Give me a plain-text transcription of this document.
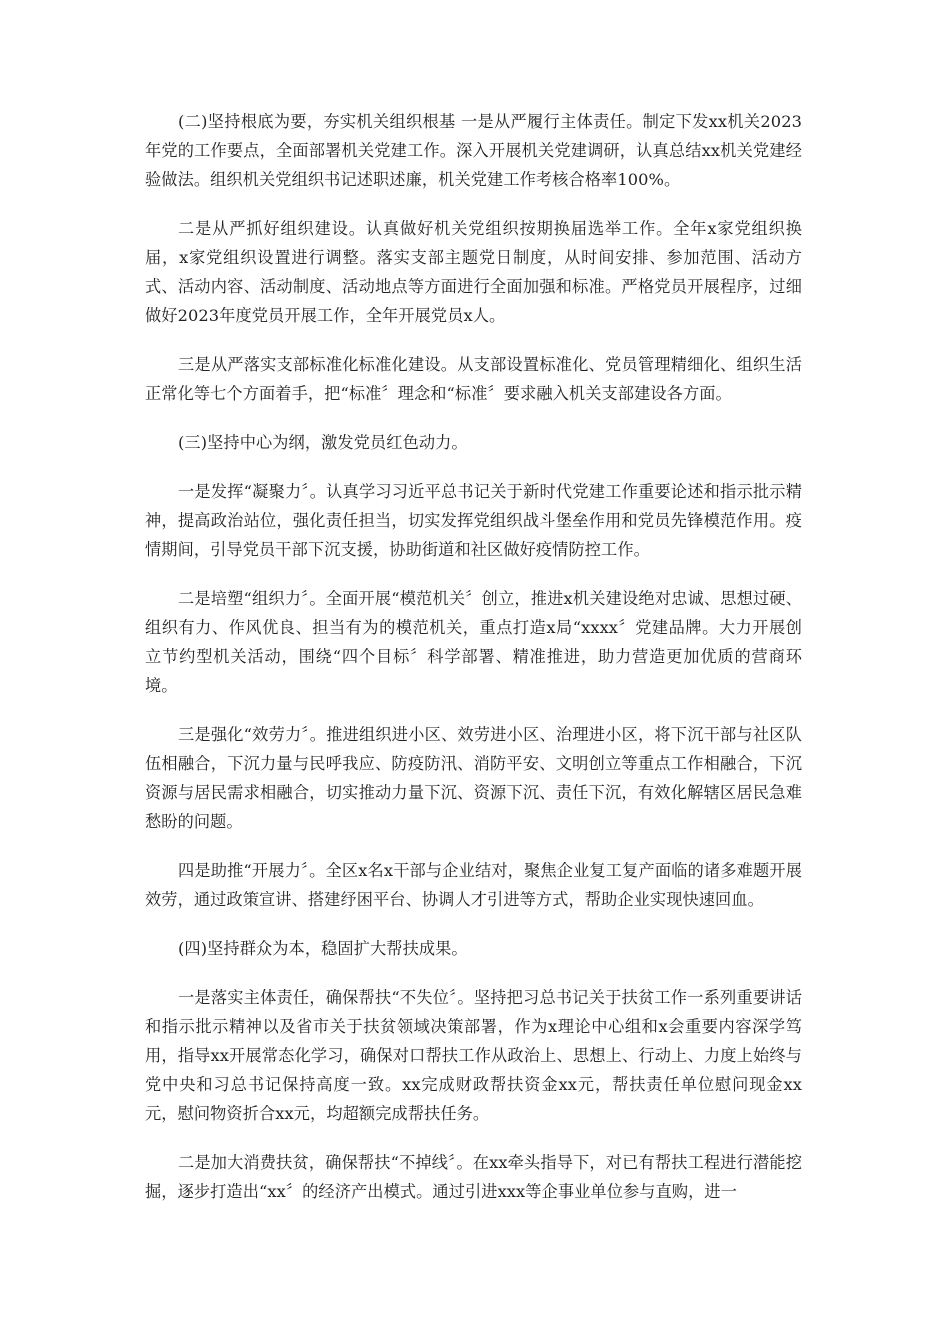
(二)坚持根底为要，夯实机关组织根基 一是从严履行主体责任。制定下发xx机关2023年党的工作要点，全面部署机关党建工作。深入开展机关党建调研，认真总结xx机关党建经验做法。组织机关党组织书记述职述廉，机关党建工作考核合格率100%。

二是从严抓好组织建设。认真做好机关党组织按期换届选举工作。全年x家党组织换届，x家党组织设置进行调整。落实支部主题党日制度，从时间安排、参加范围、活动方式、活动内容、活动制度、活动地点等方面进行全面加强和标准。严格党员开展程序，过细做好2023年度党员开展工作，全年开展党员x人。

三是从严落实支部标准化标准化建设。从支部设置标准化、党员管理精细化、组织生活正常化等七个方面着手，把“标准〞理念和“标准〞要求融入机关支部建设各方面。

(三)坚持中心为纲，激发党员红色动力。

一是发挥“凝聚力〞。认真学习习近平总书记关于新时代党建工作重要论述和指示批示精神，提高政治站位，强化责任担当，切实发挥党组织战斗堡垒作用和党员先锋模范作用。疫情期间，引导党员干部下沉支援，协助街道和社区做好疫情防控工作。

二是培塑“组织力〞。全面开展“模范机关〞创立，推进x机关建设绝对忠诚、思想过硬、组织有力、作风优良、担当有为的模范机关，重点打造x局“xxxx〞党建品牌。大力开展创立节约型机关活动，围绕“四个目标〞科学部署、精准推进，助力营造更加优质的营商环境。

三是强化“效劳力〞。推进组织进小区、效劳进小区、治理进小区，将下沉干部与社区队伍相融合，下沉力量与民呼我应、防疫防汛、消防平安、文明创立等重点工作相融合，下沉资源与居民需求相融合，切实推动力量下沉、资源下沉、责任下沉，有效化解辖区居民急难愁盼的问题。

四是助推“开展力〞。全区x名x干部与企业结对，聚焦企业复工复产面临的诸多难题开展效劳，通过政策宣讲、搭建纾困平台、协调人才引进等方式，帮助企业实现快速回血。

(四)坚持群众为本，稳固扩大帮扶成果。

一是落实主体责任，确保帮扶“不失位〞。坚持把习总书记关于扶贫工作一系列重要讲话和指示批示精神以及省市关于扶贫领域决策部署，作为x理论中心组和x会重要内容深学笃用，指导xx开展常态化学习，确保对口帮扶工作从政治上、思想上、行动上、力度上始终与党中央和习总书记保持高度一致。xx完成财政帮扶资金xx元，帮扶责任单位慰问现金xx元，慰问物资折合xx元，均超额完成帮扶任务。

二是加大消费扶贫，确保帮扶“不掉线〞。在xx牵头指导下，对已有帮扶工程进行潜能挖掘，逐步打造出“xx〞的经济产出模式。通过引进xxx等企事业单位参与直购，进一
